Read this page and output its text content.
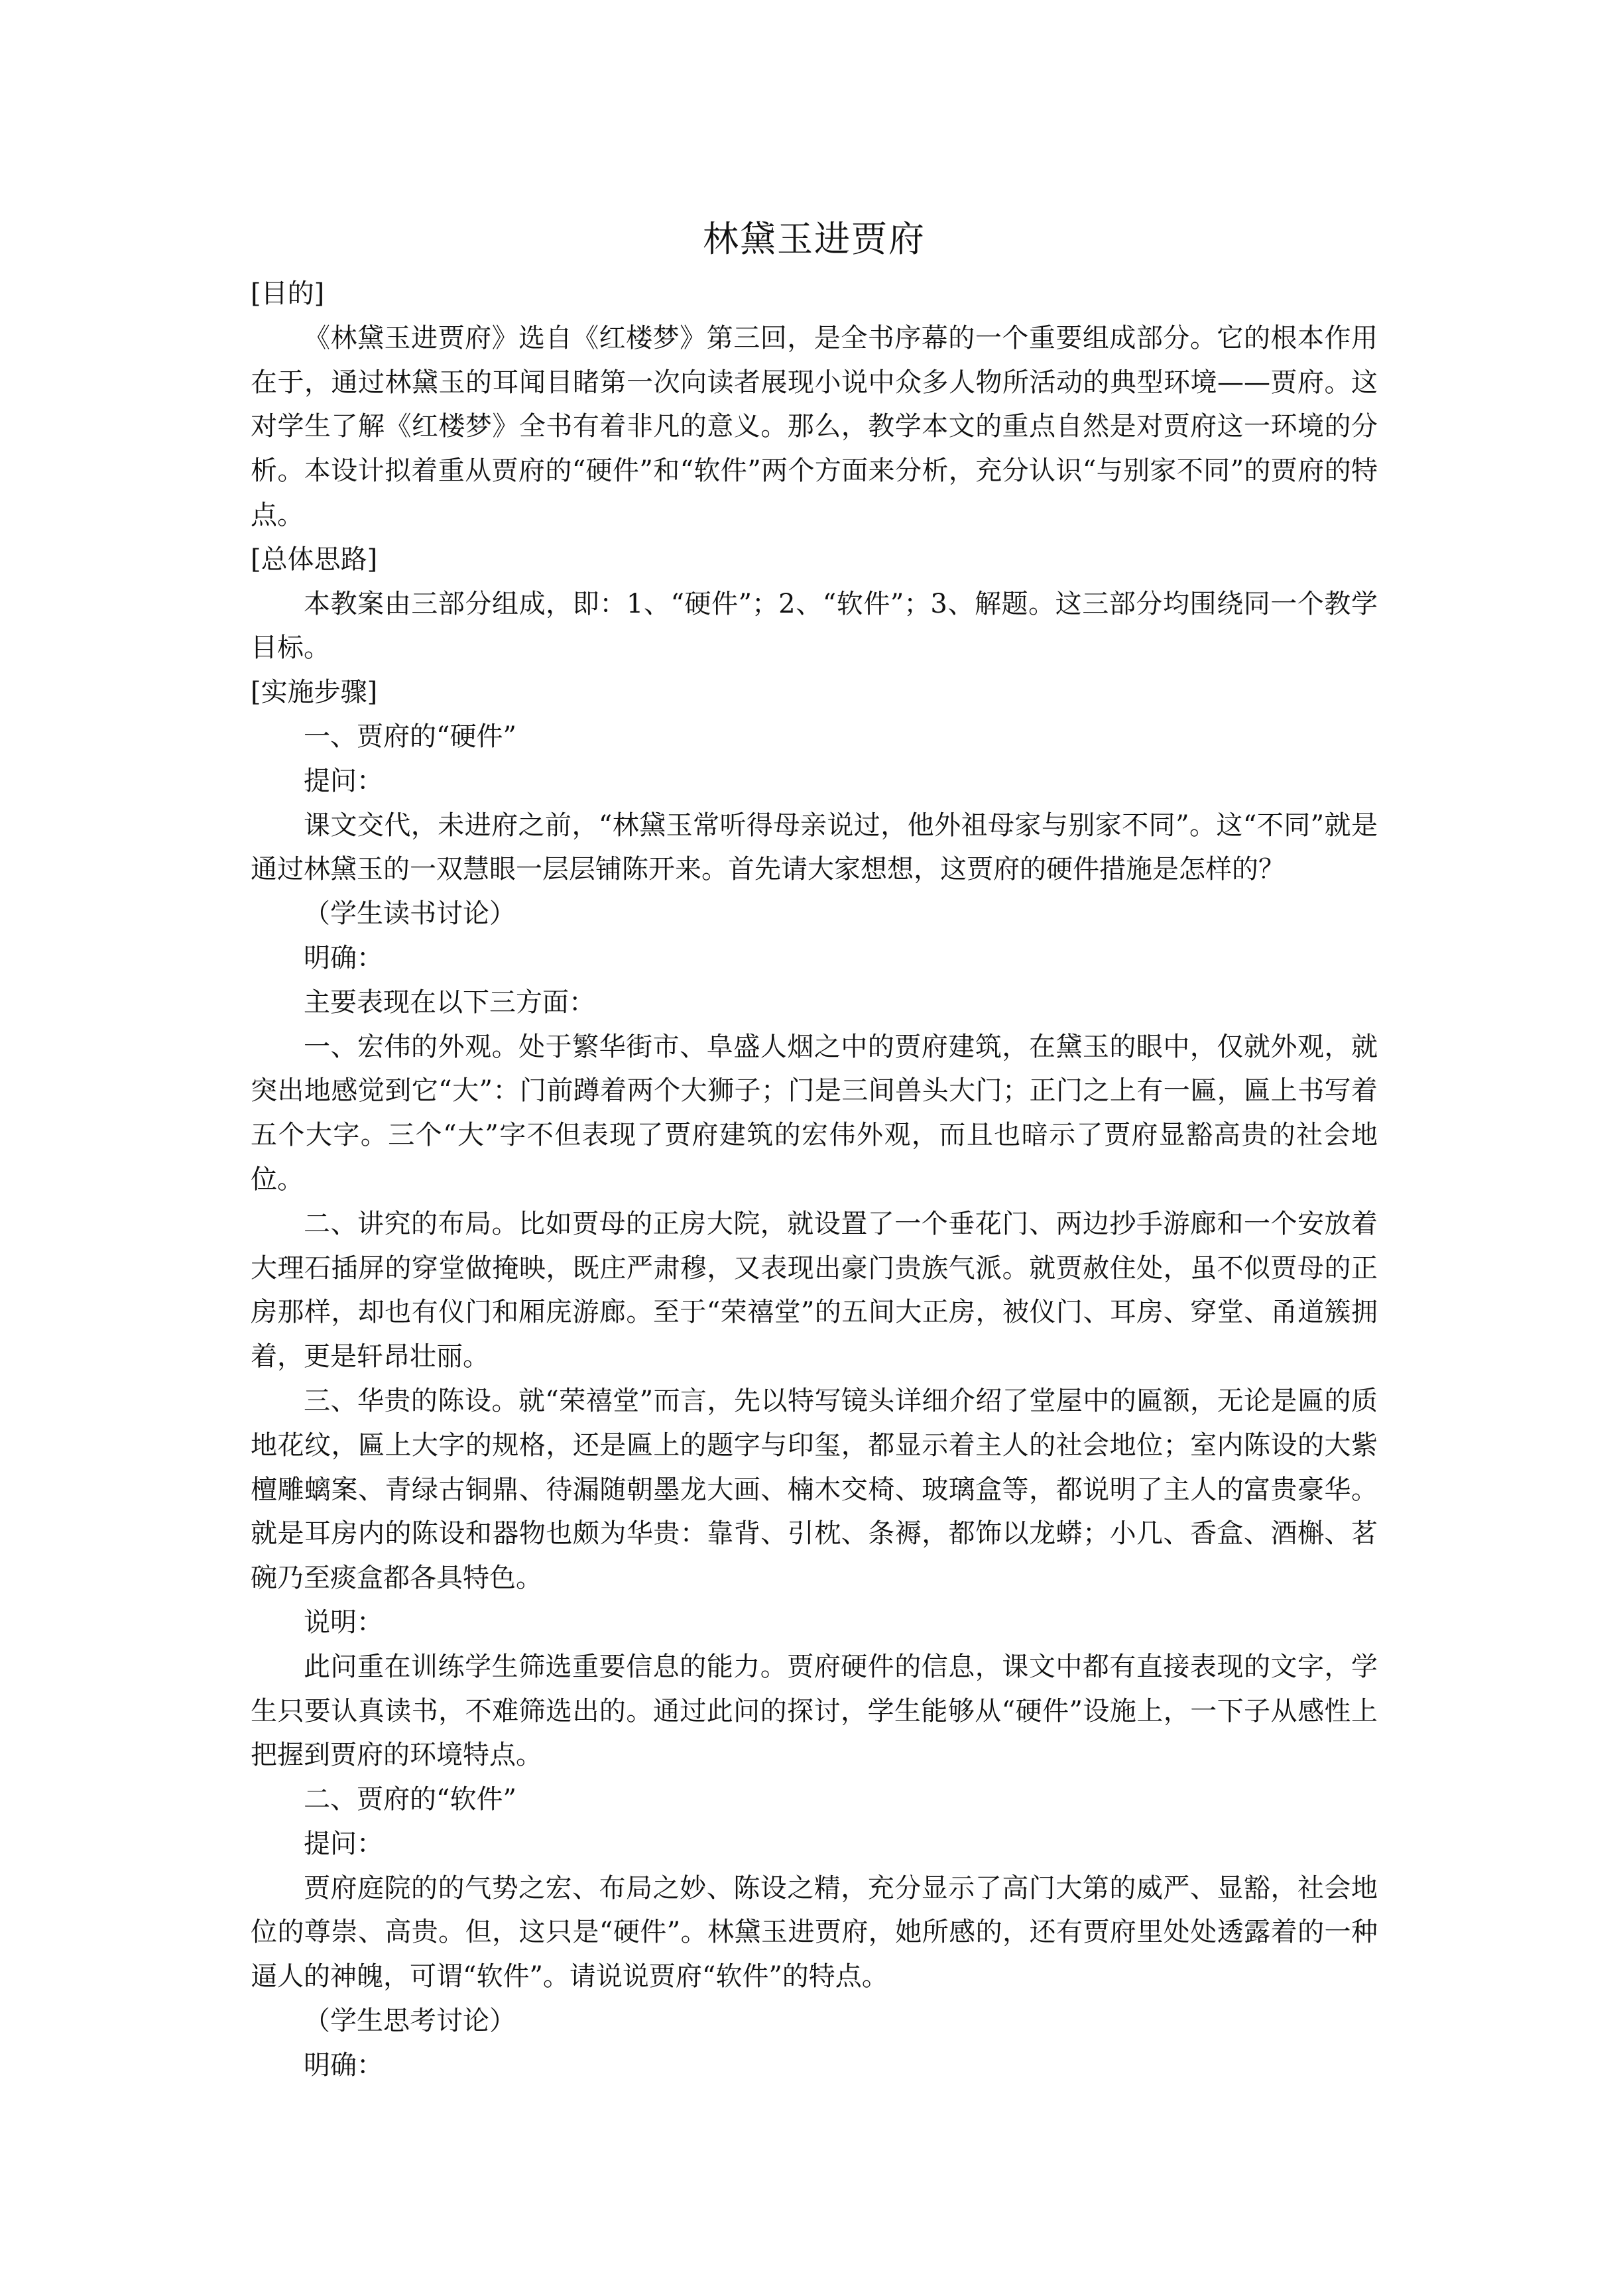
林黛玉进贾府

[目的]

《林黛玉进贾府》选自《红楼梦》第三回，是全书序幕的一个重要组成部分。它的根本作用在于，通过林黛玉的耳闻目睹第一次向读者展现小说中众多人物所活动的典型环境——贾府。这对学生了解《红楼梦》全书有着非凡的意义。那么，教学本文的重点自然是对贾府这一环境的分析。本设计拟着重从贾府的“硬件”和“软件”两个方面来分析，充分认识“与别家不同”的贾府的特点。

[总体思路]

本教案由三部分组成，即：1、“硬件”；2、“软件”；3、解题。这三部分均围绕同一个教学目标。

[实施步骤]

一、贾府的“硬件”

提问：

课文交代，未进府之前，“林黛玉常听得母亲说过，他外祖母家与别家不同”。这“不同”就是通过林黛玉的一双慧眼一层层铺陈开来。首先请大家想想，这贾府的硬件措施是怎样的？

（学生读书讨论）

明确：

主要表现在以下三方面：

一、宏伟的外观。处于繁华街市、阜盛人烟之中的贾府建筑，在黛玉的眼中，仅就外观，就突出地感觉到它“大”：门前蹲着两个大狮子；门是三间兽头大门；正门之上有一匾，匾上书写着五个大字。三个“大”字不但表现了贾府建筑的宏伟外观，而且也暗示了贾府显豁高贵的社会地位。

二、讲究的布局。比如贾母的正房大院，就设置了一个垂花门、两边抄手游廊和一个安放着大理石插屏的穿堂做掩映，既庄严肃穆，又表现出豪门贵族气派。就贾赦住处，虽不似贾母的正房那样，却也有仪门和厢庑游廊。至于“荣禧堂”的五间大正房，被仪门、耳房、穿堂、甬道簇拥着，更是轩昂壮丽。

三、华贵的陈设。就“荣禧堂”而言，先以特写镜头详细介绍了堂屋中的匾额，无论是匾的质地花纹，匾上大字的规格，还是匾上的题字与印玺，都显示着主人的社会地位；室内陈设的大紫檀雕螭案、青绿古铜鼎、待漏随朝墨龙大画、楠木交椅、玻璃盒等，都说明了主人的富贵豪华。就是耳房内的陈设和器物也颇为华贵：靠背、引枕、条褥，都饰以龙蟒；小几、香盒、酒槲、茗碗乃至痰盒都各具特色。

说明：

此问重在训练学生筛选重要信息的能力。贾府硬件的信息，课文中都有直接表现的文字，学生只要认真读书，不难筛选出的。通过此问的探讨，学生能够从“硬件”设施上，一下子从感性上把握到贾府的环境特点。

二、贾府的“软件”

提问：

贾府庭院的的气势之宏、布局之妙、陈设之精，充分显示了高门大第的威严、显豁，社会地位的尊崇、高贵。但，这只是“硬件”。林黛玉进贾府，她所感的，还有贾府里处处透露着的一种逼人的神魄，可谓“软件”。请说说贾府“软件”的特点。

（学生思考讨论）

明确：
